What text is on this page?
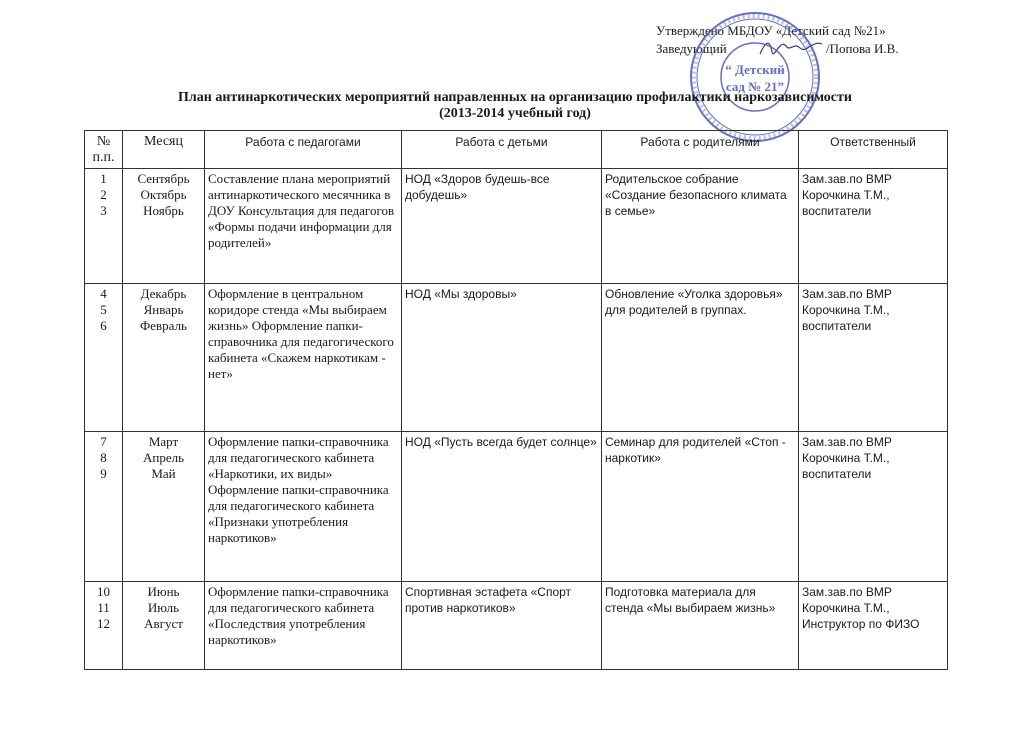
Утверждено МБДОУ «Детский сад №21»
Заведующий	/Попова И.В.
“ Детский
сад № 21”
План антинаркотических мероприятий направленных на организацию профилактики наркозависимости
(2013-2014 учебный год)
№ п.п.	Месяц	Работа с педагогами	Работа с детьми	Работа с родителями	Ответственный

1
2
3	Сентябрь
Октябрь
Ноябрь	Составление плана мероприятий антинаркотического месячника в ДОУ Консультация для педагогов «Формы подачи информации для родителей»	НОД «Здоров будешь-все добудешь»	Родительское собрание «Создание безопасного климата в семье»	Зам.зав.по ВМР Корочкина Т.М., воспитатели

4
5
6	Декабрь
Январь
Февраль	Оформление в центральном коридоре стенда «Мы выбираем жизнь» Оформление папки-справочника для педагогического кабинета «Скажем наркотикам - нет»	НОД «Мы здоровы»	Обновление «Уголка здоровья» для родителей в группах.	Зам.зав.по ВМР Корочкина Т.М., воспитатели

7
8
9	Март
Апрель
Май	Оформление папки-справочника для педагогического кабинета «Наркотики, их виды» Оформление папки-справочника для педагогического кабинета «Признаки употребления наркотиков»	НОД «Пусть всегда будет солнце»	Семинар для родителей «Стоп - наркотик»	Зам.зав.по ВМР Корочкина Т.М., воспитатели

10
11
12	Июнь
Июль
Август	Оформление папки-справочника для педагогического кабинета «Последствия употребления наркотиков»	Спортивная эстафета «Спорт против наркотиков»	Подготовка материала для стенда «Мы выбираем жизнь»	Зам.зав.по ВМР Корочкина Т.М., Инструктор по ФИЗО
